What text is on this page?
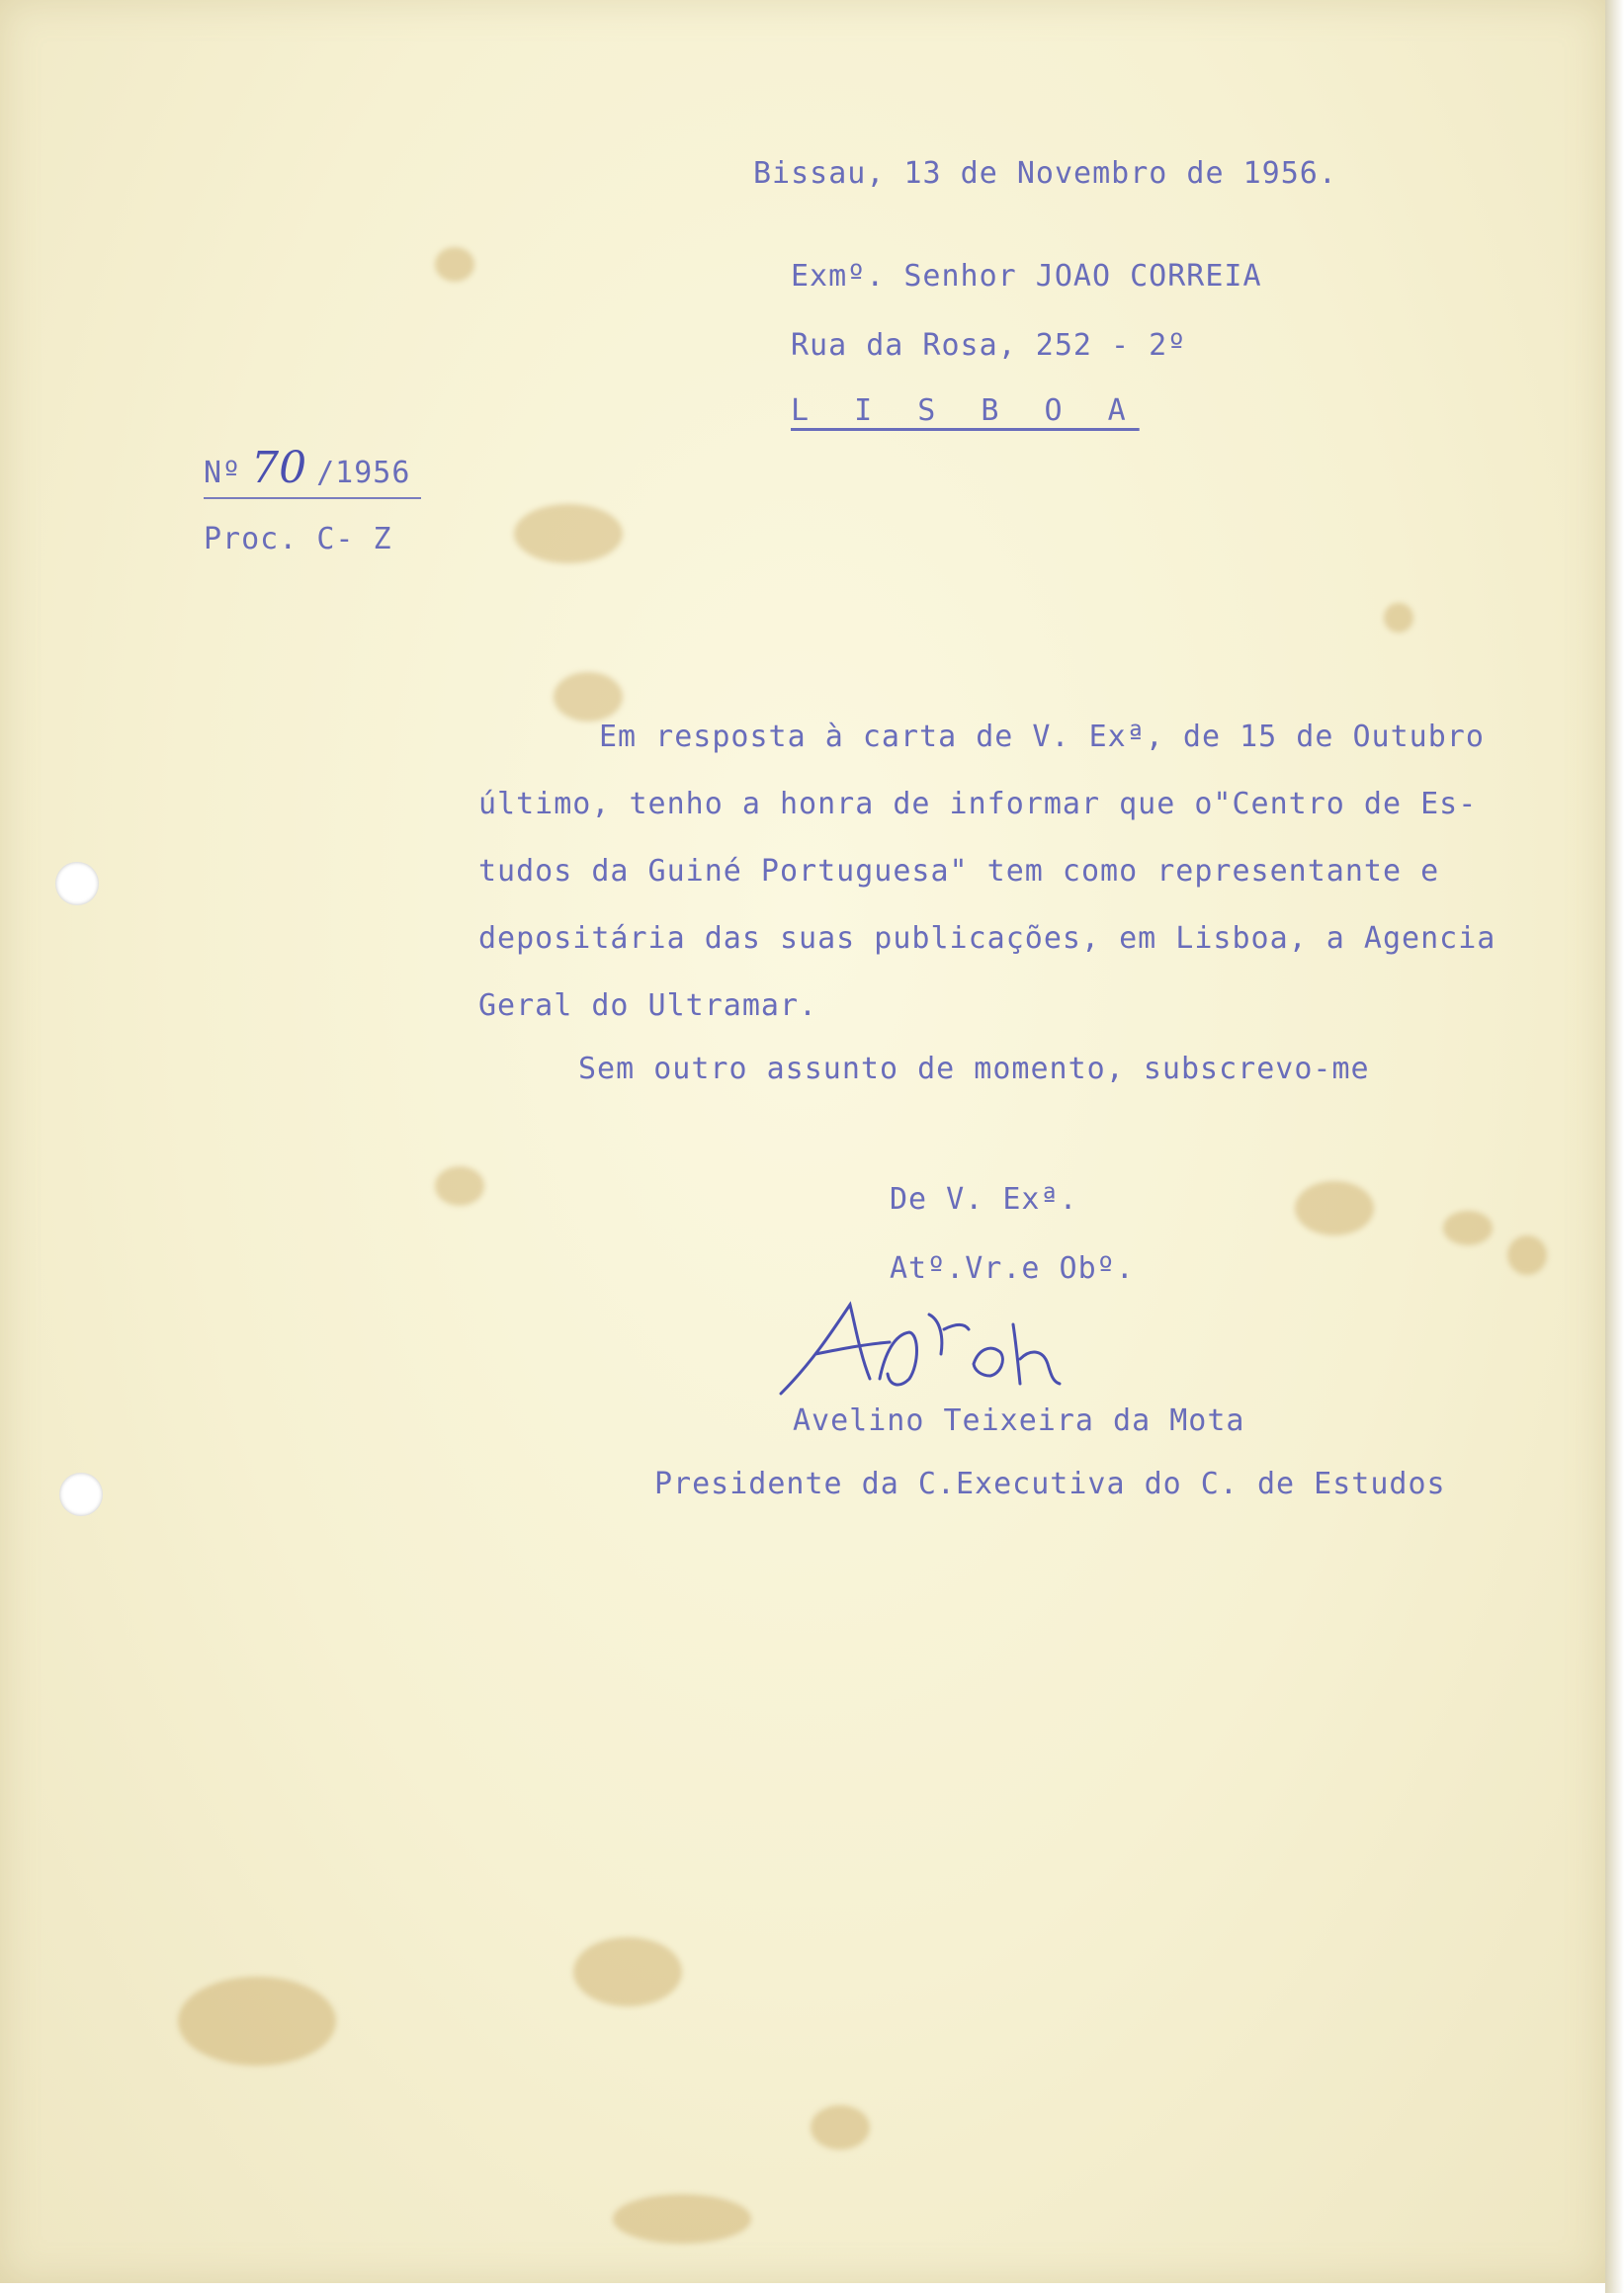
Bissau, 13 de Novembro de 1956.
Exmº. Senhor JOAO CORREIA
Rua da Rosa, 252 - 2º
L I S B O A
Nº 70 /1956
Proc. C- Z
Em resposta à carta de V. Exª, de 15 de Outubro
último, tenho a honra de informar que o"Centro de Es-
tudos da Guiné Portuguesa" tem como representante e
depositária das suas publicações, em Lisboa, a Agencia
Geral do Ultramar.
Sem outro assunto de momento, subscrevo-me
De V. Exª.
Atº.Vr.e Obº.
Avelino Teixeira da Mota
Presidente da C.Executiva do C. de Estudos
